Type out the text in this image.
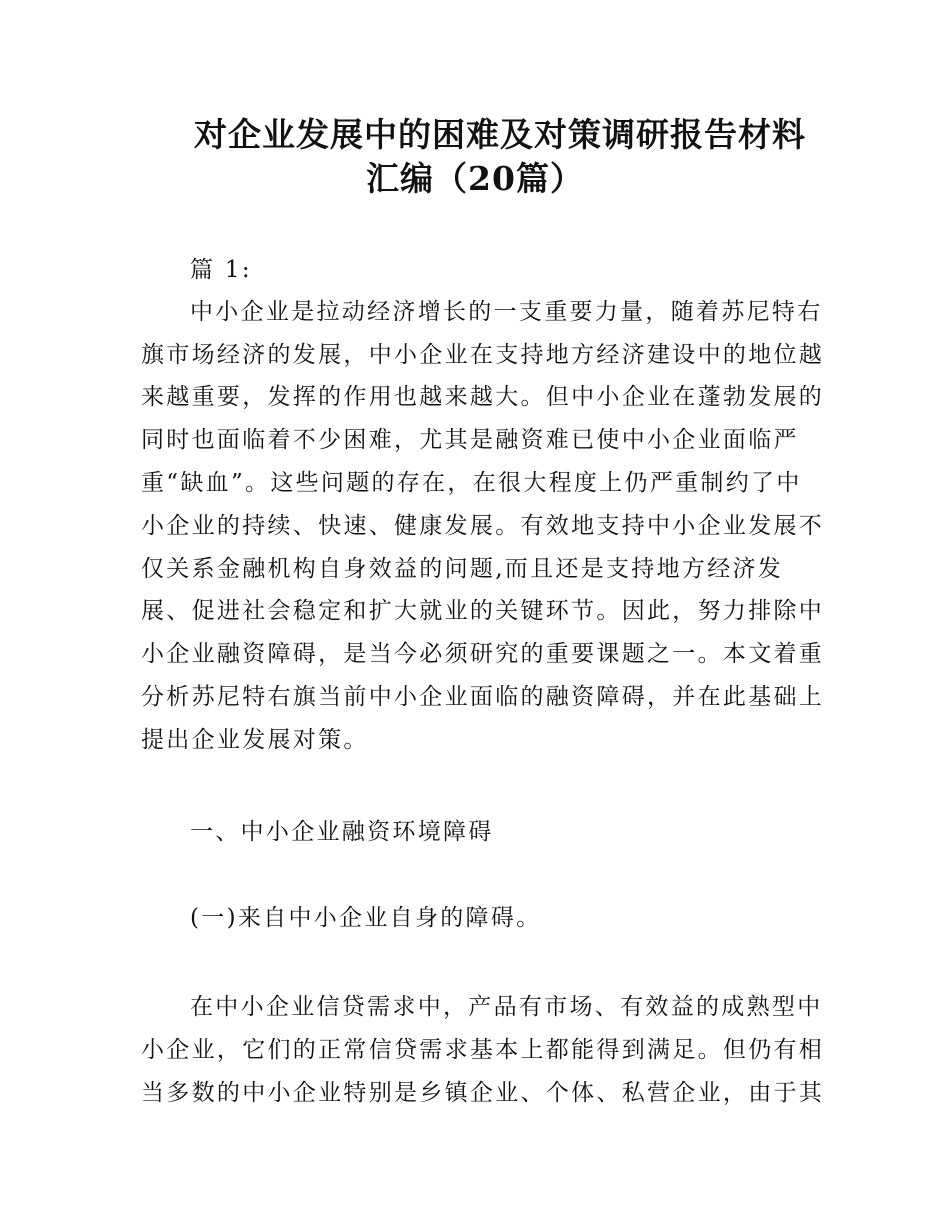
对企业发展中的困难及对策调研报告材料
汇编（20篇）
篇 1:
中小企业是拉动经济增长的一支重要力量，随着苏尼特右
旗市场经济的发展，中小企业在支持地方经济建设中的地位越
来越重要，发挥的作用也越来越大。但中小企业在蓬勃发展的
同时也面临着不少困难，尤其是融资难已使中小企业面临严
重“缺血”。这些问题的存在，在很大程度上仍严重制约了中
小企业的持续、快速、健康发展。有效地支持中小企业发展不
仅关系金融机构自身效益的问题,而且还是支持地方经济发
展、促进社会稳定和扩大就业的关键环节。因此，努力排除中
小企业融资障碍，是当今必须研究的重要课题之一。本文着重
分析苏尼特右旗当前中小企业面临的融资障碍，并在此基础上
提出企业发展对策。
一、中小企业融资环境障碍
(一)来自中小企业自身的障碍。
在中小企业信贷需求中，产品有市场、有效益的成熟型中
小企业，它们的正常信贷需求基本上都能得到满足。但仍有相
当多数的中小企业特别是乡镇企业、个体、私营企业，由于其
